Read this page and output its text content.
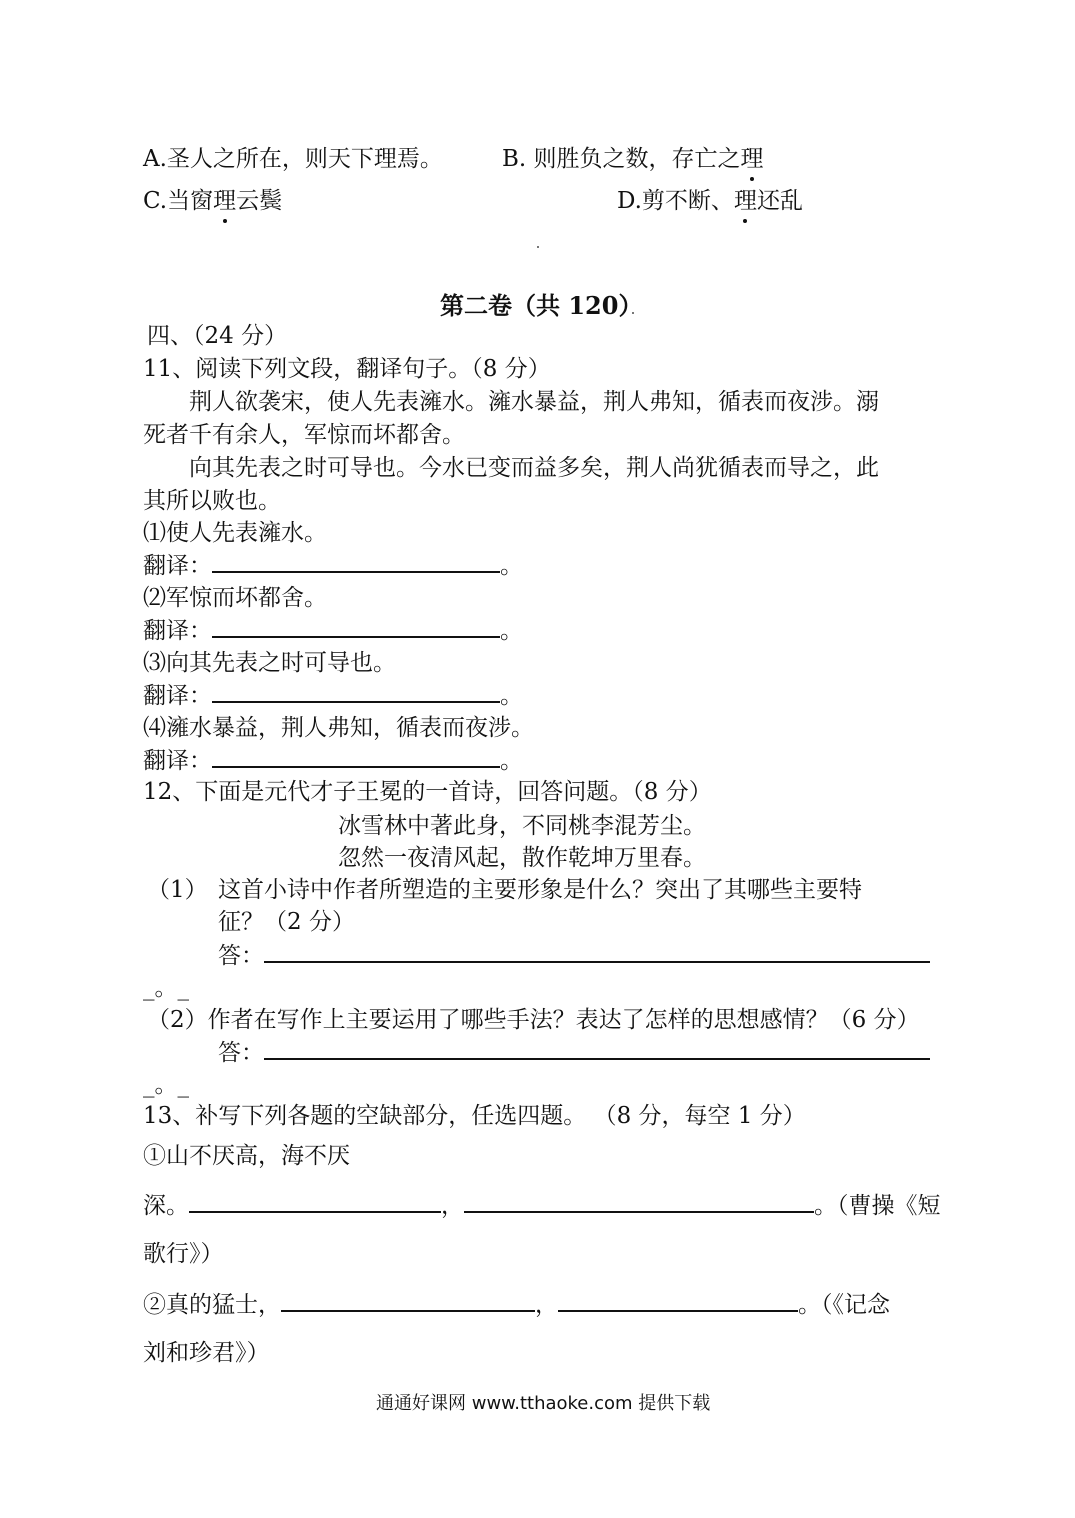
A.圣人之所在，则天下理焉。	B. 则胜负之数，存亡之理
C.当窗理云鬓	D.剪不断、理还乱
第二卷（共 120）
四、（24 分）
11、阅读下列文段，翻译句子。（8 分）
荆人欲袭宋，使人先表澭水。澭水暴益，荆人弗知，循表而夜涉。溺
死者千有余人，军惊而坏都舍。
向其先表之时可导也。今水已变而益多矣，荆人尚犹循表而导之，此
其所以败也。
⑴使人先表澭水。
翻译：	。
⑵军惊而坏都舍。
翻译：	。
⑶向其先表之时可导也。
翻译：	。
⑷澭水暴益，荆人弗知，循表而夜涉。
翻译：	。
12、下面是元代才子王冕的一首诗，回答问题。（8 分）
冰雪林中著此身，不同桃李混芳尘。
忽然一夜清风起，散作乾坤万里春。
（1） 这首小诗中作者所塑造的主要形象是什么？突出了其哪些主要特
征？（2 分）
答：
_。_
（2）作者在写作上主要运用了哪些手法？表达了怎样的思想感情？（6 分）
答：
_。_
13、补写下列各题的空缺部分，任选四题。 （8 分，每空 1 分）
①山不厌高，海不厌
深。	，	。（曹操《短
歌行》）
②真的猛士，	，	。（《记念
刘和珍君》）
通通好课网 www.tthaoke.com 提供下载
